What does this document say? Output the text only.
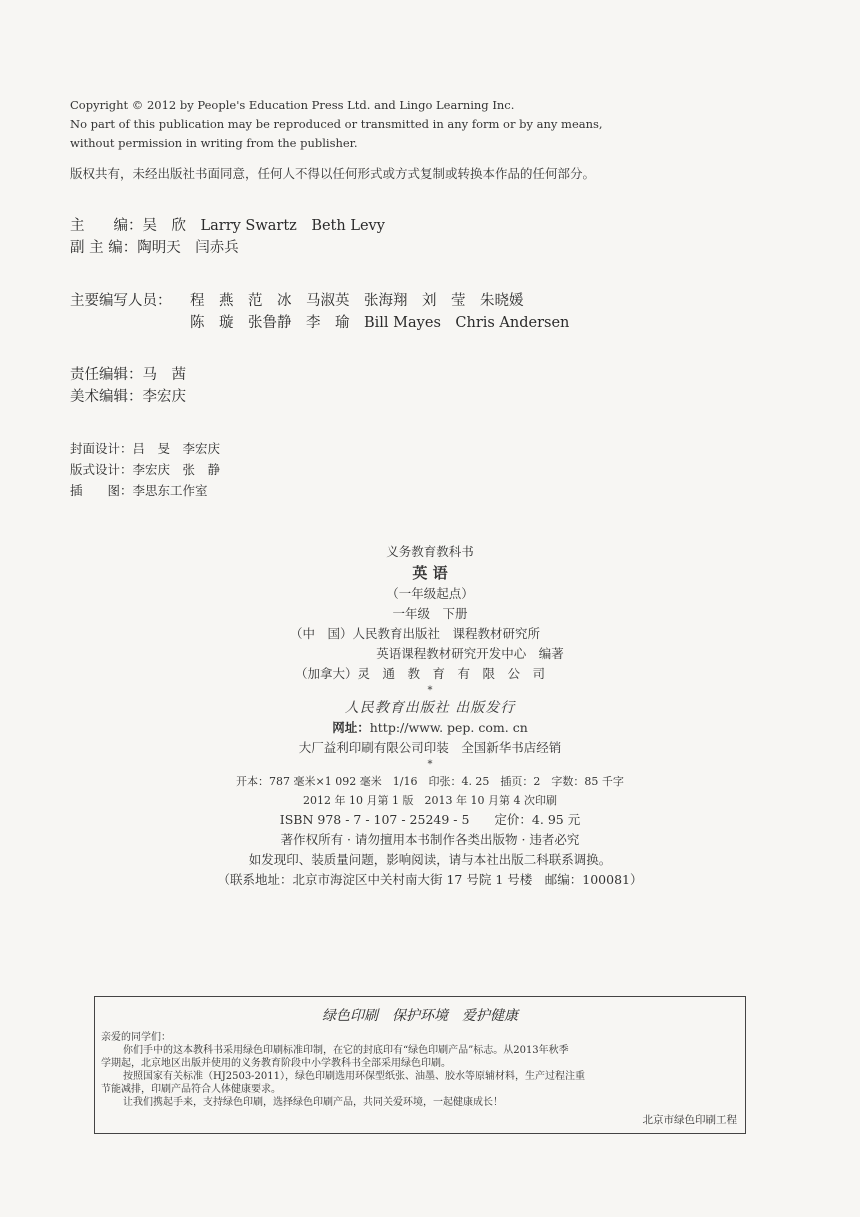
Copyright © 2012 by People's Education Press Ltd. and Lingo Learning Inc.
No part of this publication may be reproduced or transmitted in any form or by any means,
without permission in writing from the publisher.
版权共有，未经出版社书面同意，任何人不得以任何形式或方式复制或转换本作品的任何部分。
主　　编： 吴　欣　Larry Swartz　Beth Levy
副 主 编： 陶明天　闫赤兵
主要编写人员：	程　燕　范　冰　马淑英　张海翔　刘　莹　朱晓媛
陈　璇　张鲁静　李　瑜　Bill Mayes　Chris Andersen
责任编辑： 马　茜
美术编辑： 李宏庆
封面设计： 吕　旻　李宏庆
版式设计： 李宏庆　张　静
插　　图： 李思东工作室
义务教育教科书
英 语
（一年级起点）
一年级　下册
（中　国）人民教育出版社　课程教材研究所
英语课程教材研究开发中心　编著
（加拿大）灵　通　教　育　有　限　公　司
*
人民教育出版社 出版发行
网址：http://www. pep. com. cn
大厂益利印刷有限公司印装　全国新华书店经销
*
开本：787 毫米×1 092 毫米　1/16　印张：4. 25　插页：2　字数：85 千字
2012 年 10 月第 1 版　2013 年 10 月第 4 次印刷
ISBN 978 - 7 - 107 - 25249 - 5　　定价：4. 95 元
著作权所有 · 请勿擅用本书制作各类出版物 · 违者必究
如发现印、装质量问题，影响阅读，请与本社出版二科联系调换。
（联系地址：北京市海淀区中关村南大街 17 号院 1 号楼　邮编：100081）
绿色印刷　保护环境　爱护健康
亲爱的同学们：
你们手中的这本教科书采用绿色印刷标准印制，在它的封底印有“绿色印刷产品”标志。从2013年秋季
学期起，北京地区出版并使用的义务教育阶段中小学教科书全部采用绿色印刷。
按照国家有关标准（HJ2503-2011），绿色印刷选用环保型纸张、油墨、胶水等原辅材料，生产过程注重
节能减排，印刷产品符合人体健康要求。
让我们携起手来，支持绿色印刷，选择绿色印刷产品，共同关爱环境，一起健康成长！
北京市绿色印刷工程
